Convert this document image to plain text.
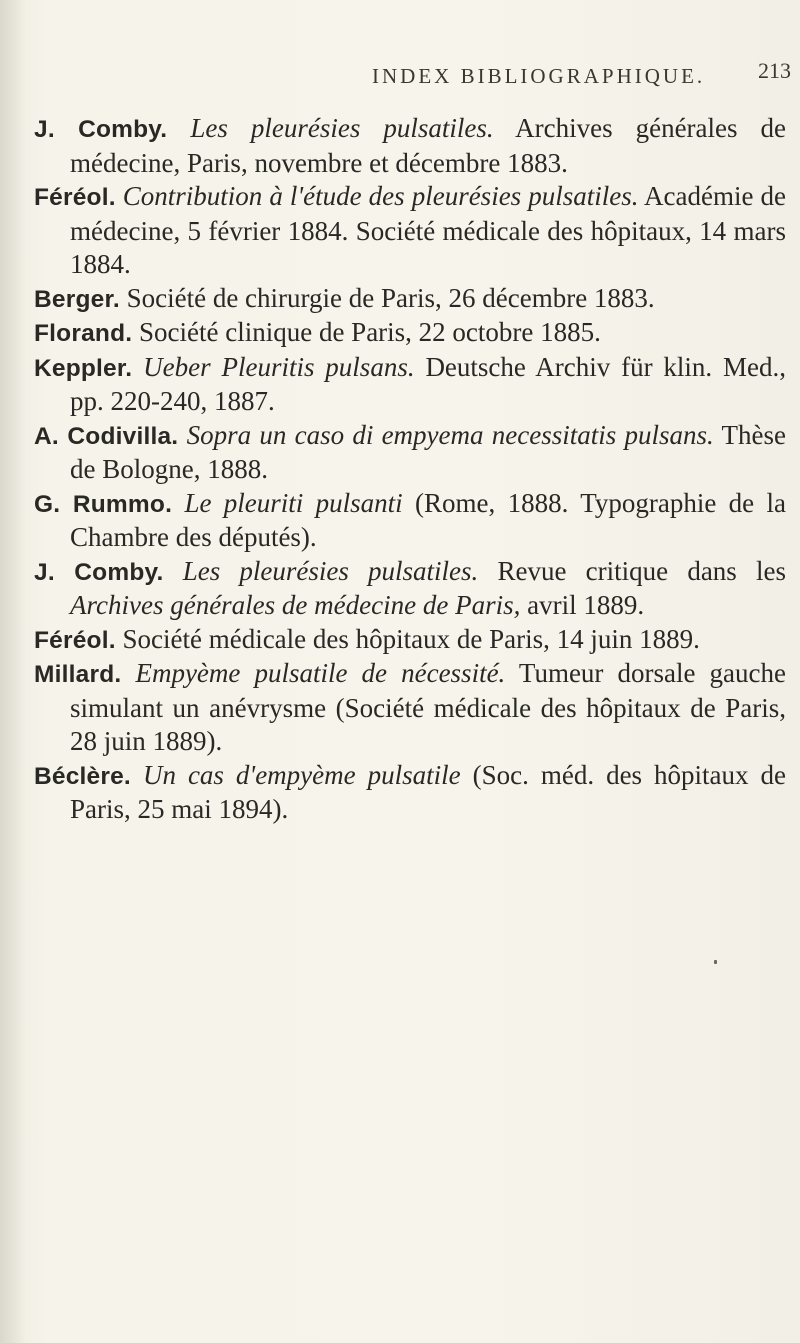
INDEX BIBLIOGRAPHIQUE. 213

J. Comby. Les pleurésies pulsatiles. Archives générales de médecine, Paris, novembre et décembre 1883.

Féréol. Contribution à l'étude des pleurésies pulsatiles. Académie de médecine, 5 février 1884. Société médicale des hôpitaux, 14 mars 1884.

Berger. Société de chirurgie de Paris, 26 décembre 1883.

Florand. Société clinique de Paris, 22 octobre 1885.

Keppler. Ueber Pleuritis pulsans. Deutsche Archiv für klin. Med., pp. 220-240, 1887.

A. Codivilla. Sopra un caso di empyema necessitatis pulsans. Thèse de Bologne, 1888.

G. Rummo. Le pleuriti pulsanti (Rome, 1888. Typographie de la Chambre des députés).

J. Comby. Les pleurésies pulsatiles. Revue critique dans les Archives générales de médecine de Paris, avril 1889.

Féréol. Société médicale des hôpitaux de Paris, 14 juin 1889.

Millard. Empyème pulsatile de nécessité. Tumeur dorsale gauche simulant un anévrysme (Société médicale des hôpitaux de Paris, 28 juin 1889).

Béclère. Un cas d'empyème pulsatile (Soc. méd. des hôpitaux de Paris, 25 mai 1894).
